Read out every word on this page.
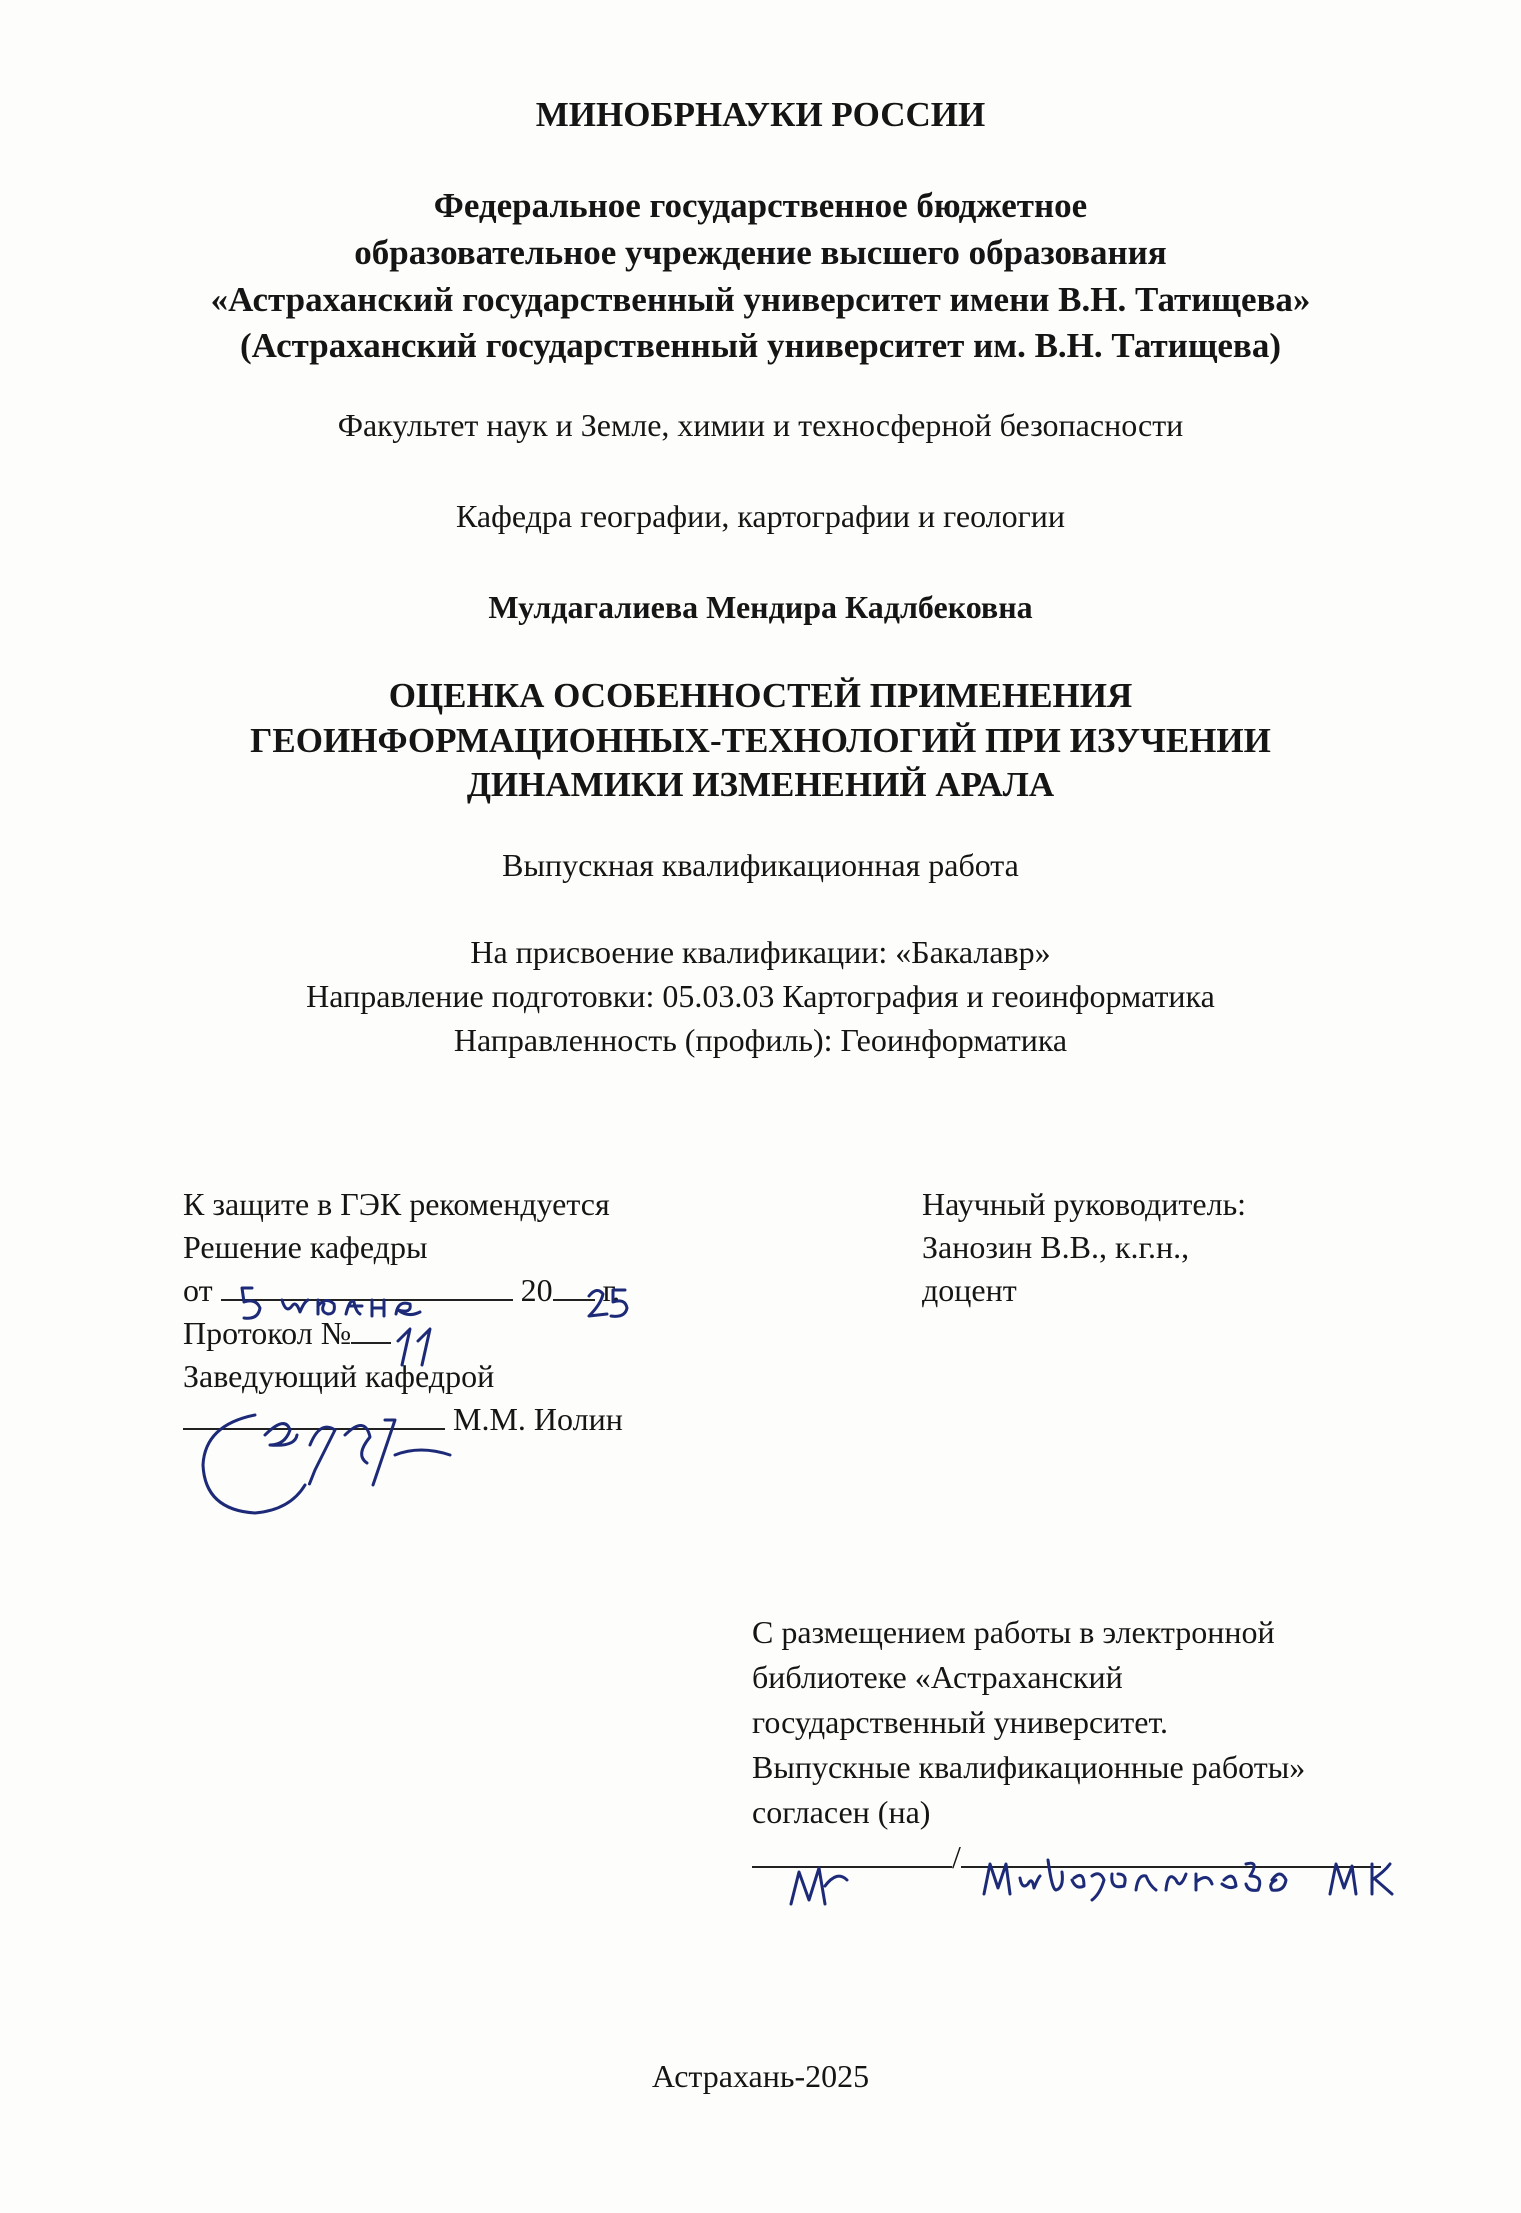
МИНОБРНАУКИ РОССИИ
Федеральное государственное бюджетное
образовательное учреждение высшего образования
«Астраханский государственный университет имени В.Н. Татищева»
(Астраханский государственный университет им. В.Н. Татищева)
Факультет наук и Земле, химии и техносферной безопасности
Кафедра географии, картографии и геологии
Мулдагалиева Мендира Кадлбековна
ОЦЕНКА ОСОБЕННОСТЕЙ ПРИМЕНЕНИЯ
ГЕОИНФОРМАЦИОННЫХ-ТЕХНОЛОГИЙ ПРИ ИЗУЧЕНИИ
ДИНАМИКИ ИЗМЕНЕНИЙ АРАЛА
Выпускная квалификационная работа
На присвоение квалификации: «Бакалавр»
Направление подготовки: 05.03.03 Картография и геоинформатика
Направленность (профиль): Геоинформатика
К защите в ГЭК рекомендуется
Решение кафедры
от	20 г.
Протокол №
Заведующий кафедрой
М.М. Иолин
Научный руководитель:
Занозин В.В., к.г.н.,
доцент
С размещением работы в электронной
библиотеке «Астраханский
государственный университет.
Выпускные квалификационные работы»
согласен (на)
/
Астрахань-2025
